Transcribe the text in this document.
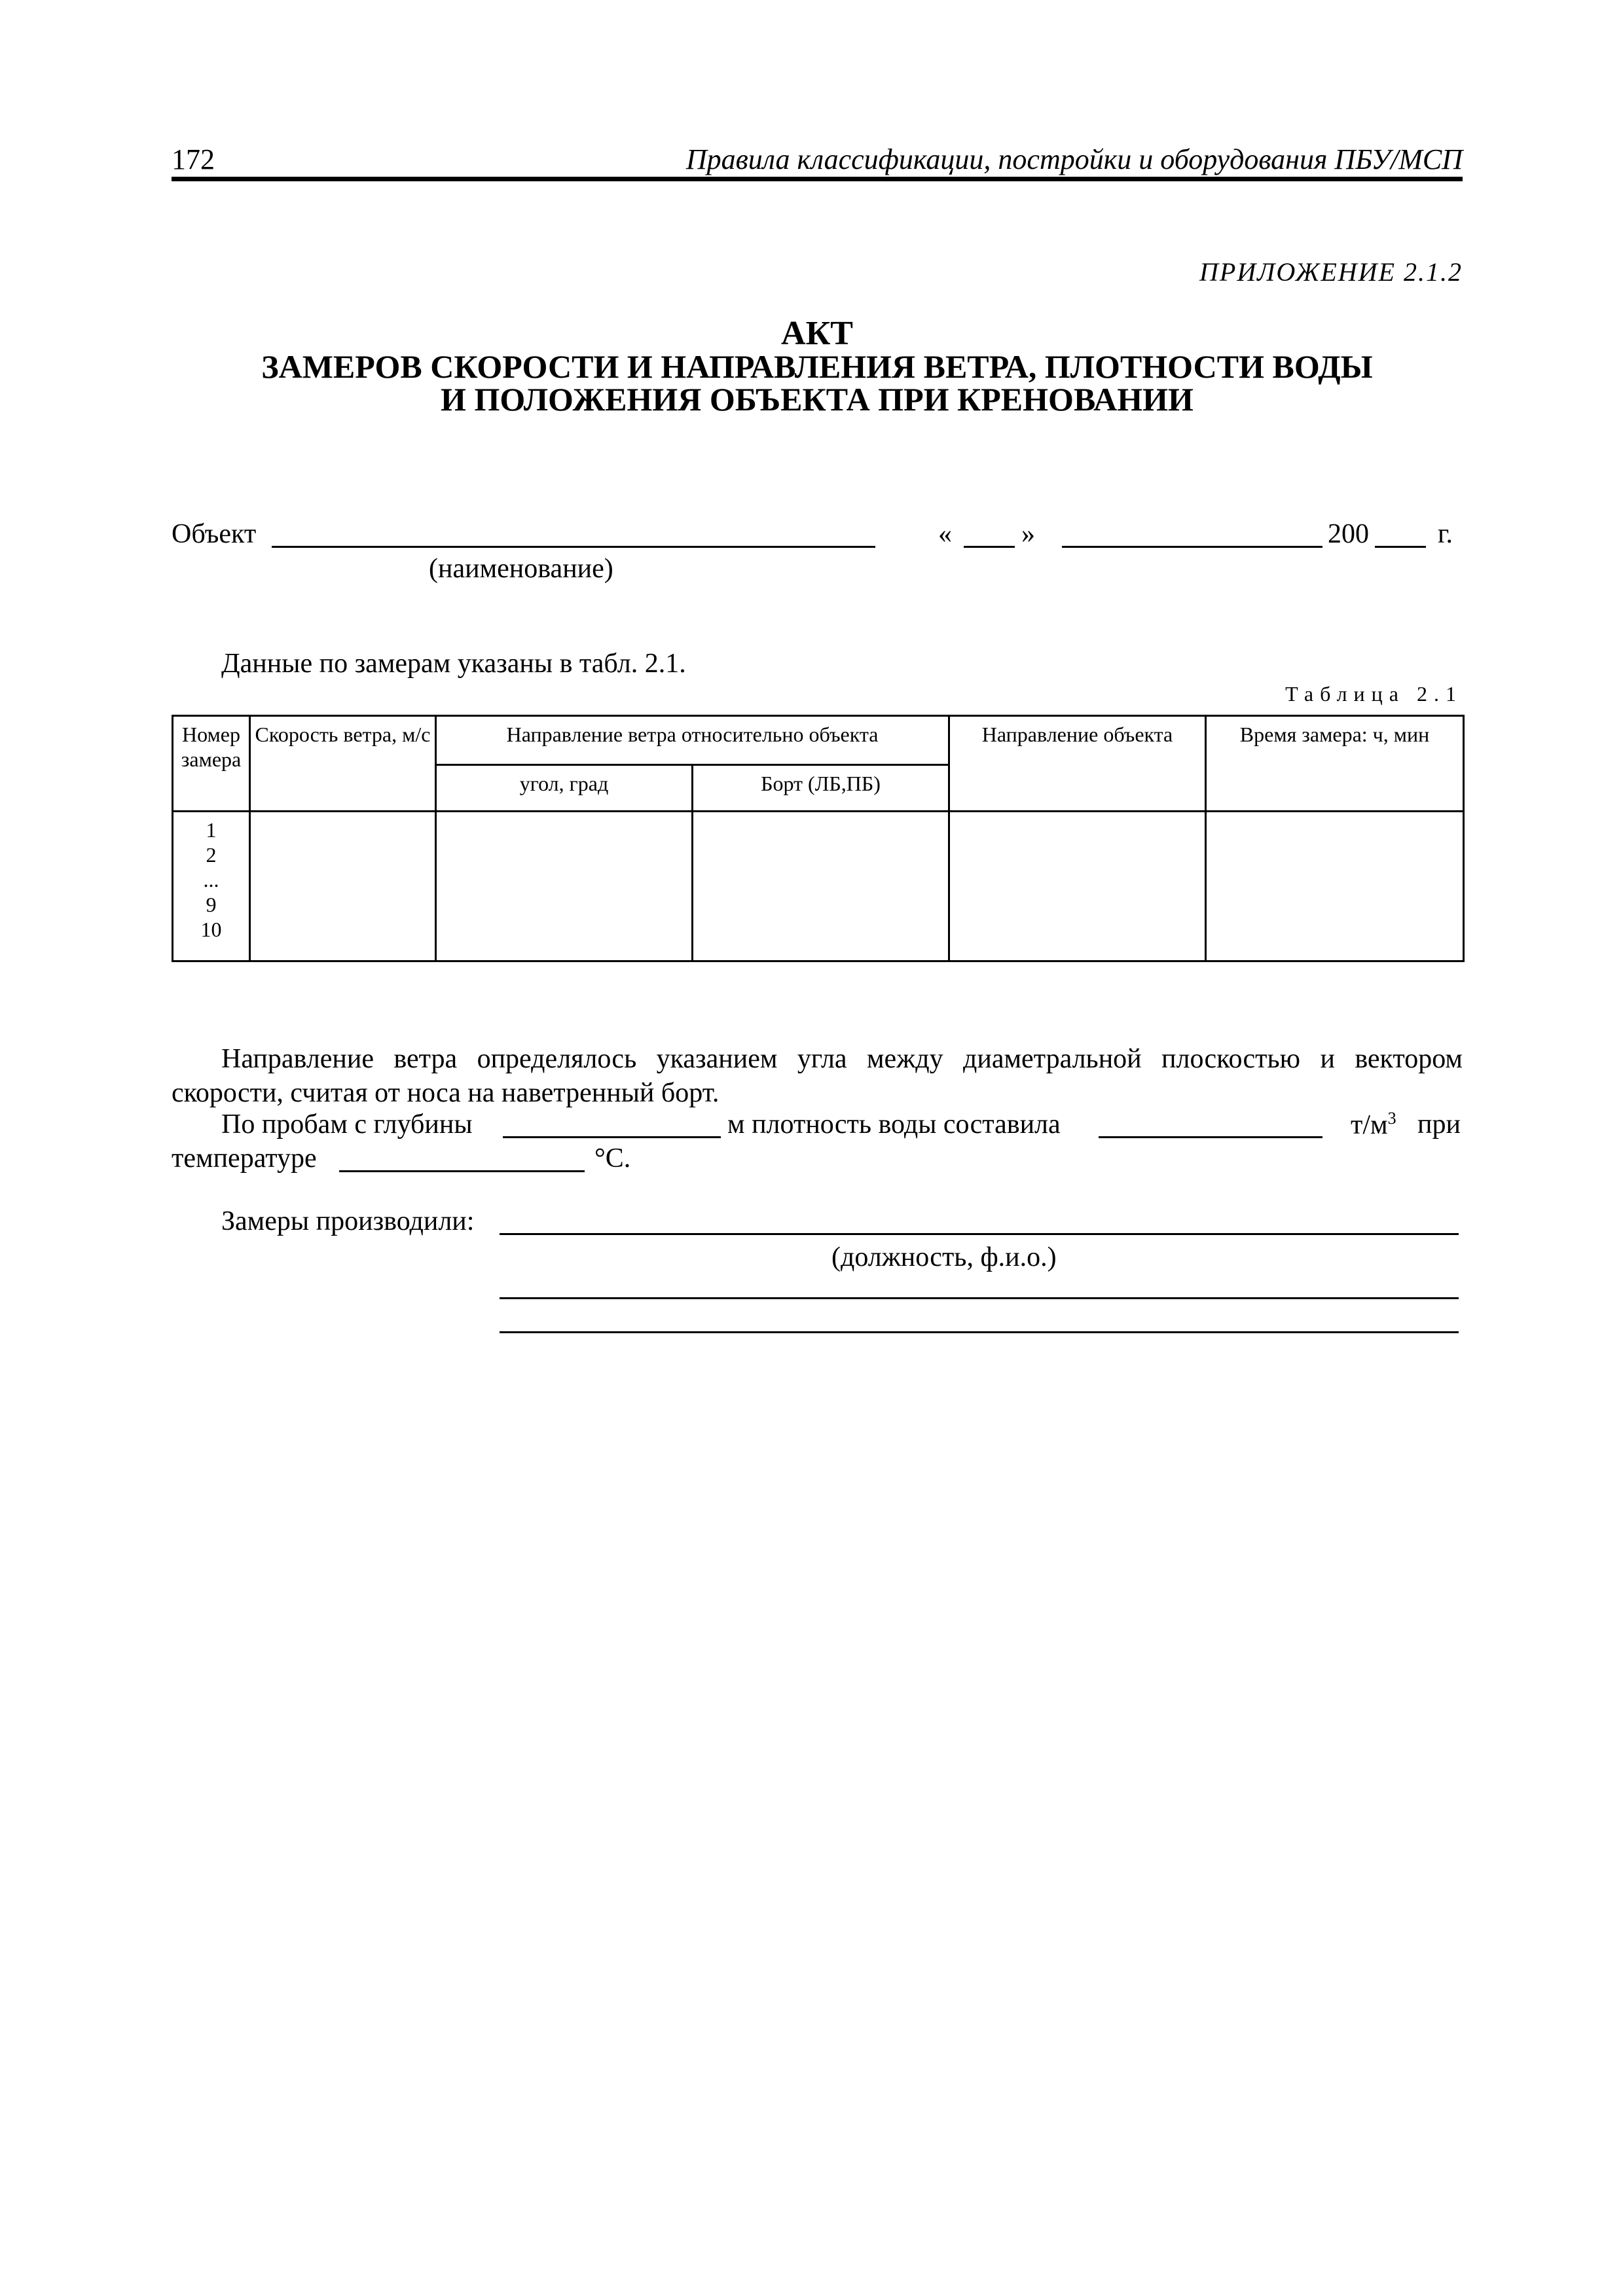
172	Правила классификации, постройки и оборудования ПБУ/МСП
ПРИЛОЖЕНИЕ 2.1.2
АКТ
ЗАМЕРОВ СКОРОСТИ И НАПРАВЛЕНИЯ ВЕТРА, ПЛОТНОСТИ ВОДЫ
И ПОЛОЖЕНИЯ ОБЪЕКТА ПРИ КРЕНОВАНИИ
Объект
(наименование)
«	»	200	г.
Данные по замерам указаны в табл. 2.1.
Таблица 2.1
Номер замера	Скорость ветра, м/с	Направление ветра относительно объекта		Направление объекта	Время замера: ч, мин
		угол, град	Борт (ЛБ,ПБ)		

1
2
...
9
10					

Направление ветра определялось указанием угла между диаметральной плоскостью и вектором скорости, считая от носа на наветренный борт.
По пробам с глубины	м плотность воды составила	$т/м^3$ при
температуре	°С.
Замеры производили:
(должность, ф.и.о.)
